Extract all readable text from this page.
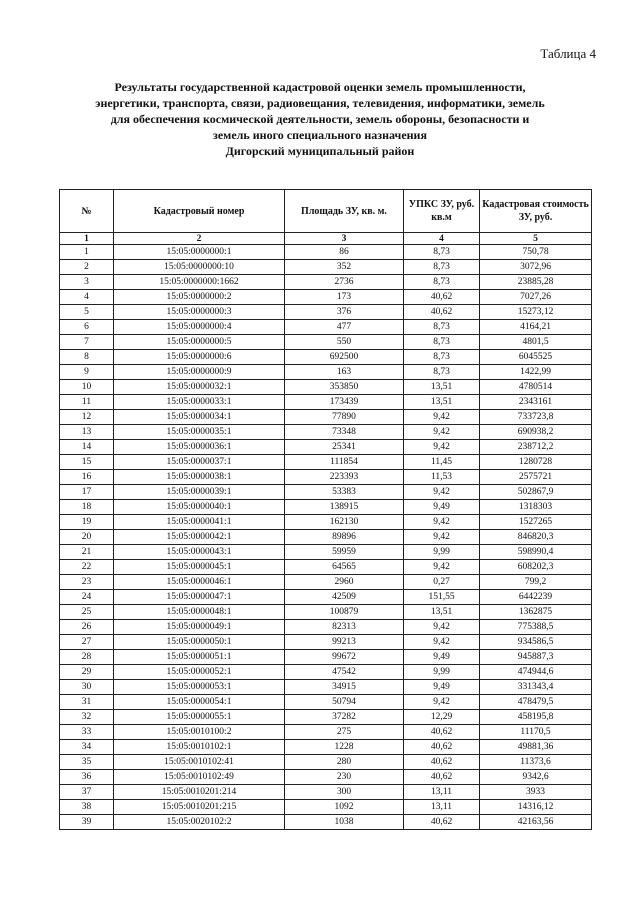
Таблица 4
Результаты государственной кадастровой оценки земель промышленности,
энергетики, транспорта, связи, радиовещания, телевидения, информатики, земель
для обеспечения космической деятельности, земель обороны, безопасности и
земель иного специального назначения
Дигорский муниципальный район
№	Кадастровый номер	Площадь ЗУ, кв. м.	УПКС ЗУ, руб. кв.м	Кадастровая стоимость ЗУ, руб.
1	2	3	4	5
1	15:05:0000000:1	86	8,73	750,78
2	15:05:0000000:10	352	8,73	3072,96
3	15:05:0000000:1662	2736	8,73	23885,28
4	15:05:0000000:2	173	40,62	7027,26
5	15:05:0000000:3	376	40,62	15273,12
6	15:05:0000000:4	477	8,73	4164,21
7	15:05:0000000:5	550	8,73	4801,5
8	15:05:0000000:6	692500	8,73	6045525
9	15:05:0000000:9	163	8,73	1422,99
10	15:05:0000032:1	353850	13,51	4780514
11	15:05:0000033:1	173439	13,51	2343161
12	15:05:0000034:1	77890	9,42	733723,8
13	15:05:0000035:1	73348	9,42	690938,2
14	15:05:0000036:1	25341	9,42	238712,2
15	15:05:0000037:1	111854	11,45	1280728
16	15:05:0000038:1	223393	11,53	2575721
17	15:05:0000039:1	53383	9,42	502867,9
18	15:05:0000040:1	138915	9,49	1318303
19	15:05:0000041:1	162130	9,42	1527265
20	15:05:0000042:1	89896	9,42	846820,3
21	15:05:0000043:1	59959	9,99	598990,4
22	15:05:0000045:1	64565	9,42	608202,3
23	15:05:0000046:1	2960	0,27	799,2
24	15:05:0000047:1	42509	151,55	6442239
25	15:05:0000048:1	100879	13,51	1362875
26	15:05:0000049:1	82313	9,42	775388,5
27	15:05:0000050:1	99213	9,42	934586,5
28	15:05:0000051:1	99672	9,49	945887,3
29	15:05:0000052:1	47542	9,99	474944,6
30	15:05:0000053:1	34915	9,49	331343,4
31	15:05:0000054:1	50794	9,42	478479,5
32	15:05:0000055:1	37282	12,29	458195,8
33	15:05:0010100:2	275	40,62	11170,5
34	15:05:0010102:1	1228	40,62	49881,36
35	15:05:0010102:41	280	40,62	11373,6
36	15:05:0010102:49	230	40,62	9342,6
37	15:05:0010201:214	300	13,11	3933
38	15:05:0010201:215	1092	13,11	14316,12
39	15:05:0020102:2	1038	40,62	42163,56
